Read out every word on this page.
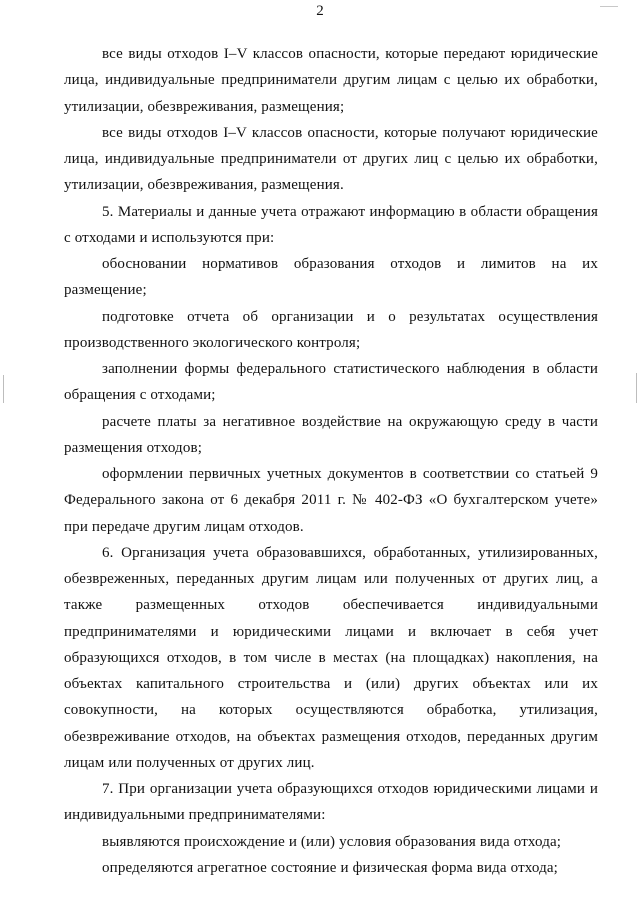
2

все виды отходов I–V классов опасности, которые передают юридические лица, индивидуальные предприниматели другим лицам с целью их обработки, утилизации, обезвреживания, размещения;

все виды отходов I–V классов опасности, которые получают юридические лица, индивидуальные предприниматели от других лиц с целью их обработки, утилизации, обезвреживания, размещения.

5. Материалы и данные учета отражают информацию в области обращения с отходами и используются при:

обосновании нормативов образования отходов и лимитов на их размещение;

подготовке отчета об организации и о результатах осуществления производственного экологического контроля;

заполнении формы федерального статистического наблюдения в области обращения с отходами;

расчете платы за негативное воздействие на окружающую среду в части размещения отходов;

оформлении первичных учетных документов в соответствии со статьей 9 Федерального закона от 6 декабря 2011 г. № 402-ФЗ «О бухгалтерском учете» при передаче другим лицам отходов.

6. Организация учета образовавшихся, обработанных, утилизированных, обезвреженных, переданных другим лицам или полученных от других лиц, а также размещенных отходов обеспечивается индивидуальными предпринимателями и юридическими лицами и включает в себя учет образующихся отходов, в том числе в местах (на площадках) накопления, на объектах капитального строительства и (или) других объектах или их совокупности, на которых осуществляются обработка, утилизация, обезвреживание отходов, на объектах размещения отходов, переданных другим лицам или полученных от других лиц.

7. При организации учета образующихся отходов юридическими лицами и индивидуальными предпринимателями:

выявляются происхождение и (или) условия образования вида отхода;

определяются агрегатное состояние и физическая форма вида отхода;
